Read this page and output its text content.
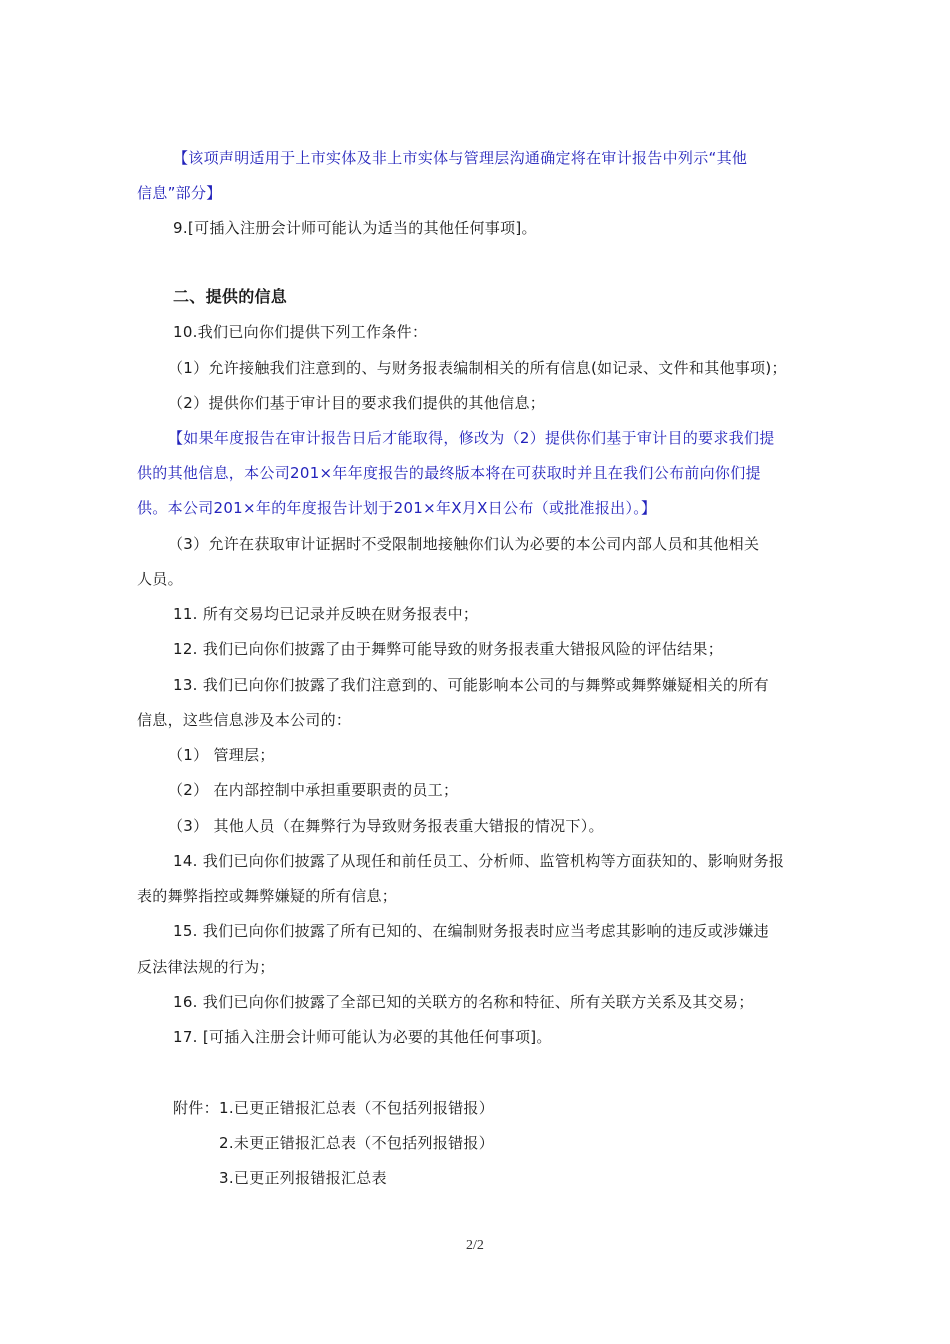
【该项声明适用于上市实体及非上市实体与管理层沟通确定将在审计报告中列示“其他
信息”部分】
9.[可插入注册会计师可能认为适当的其他任何事项]。
二、提供的信息
10.我们已向你们提供下列工作条件：
（1）允许接触我们注意到的、与财务报表编制相关的所有信息(如记录、文件和其他事项)；
（2）提供你们基于审计目的要求我们提供的其他信息；
【如果年度报告在审计报告日后才能取得，修改为（2）提供你们基于审计目的要求我们提
供的其他信息，本公司201×年年度报告的最终版本将在可获取时并且在我们公布前向你们提
供。本公司201×年的年度报告计划于201×年X月X日公布（或批准报出）。】
（3）允许在获取审计证据时不受限制地接触你们认为必要的本公司内部人员和其他相关
人员。
11. 所有交易均已记录并反映在财务报表中；
12. 我们已向你们披露了由于舞弊可能导致的财务报表重大错报风险的评估结果；
13. 我们已向你们披露了我们注意到的、可能影响本公司的与舞弊或舞弊嫌疑相关的所有
信息，这些信息涉及本公司的：
（1） 管理层；
（2） 在内部控制中承担重要职责的员工；
（3） 其他人员（在舞弊行为导致财务报表重大错报的情况下）。
14. 我们已向你们披露了从现任和前任员工、分析师、监管机构等方面获知的、影响财务报
表的舞弊指控或舞弊嫌疑的所有信息；
15. 我们已向你们披露了所有已知的、在编制财务报表时应当考虑其影响的违反或涉嫌违
反法律法规的行为；
16. 我们已向你们披露了全部已知的关联方的名称和特征、所有关联方关系及其交易；
17. [可插入注册会计师可能认为必要的其他任何事项]。
附件： 1.已更正错报汇总表（不包括列报错报）
2.未更正错报汇总表（不包括列报错报）
3.已更正列报错报汇总表
2/2
